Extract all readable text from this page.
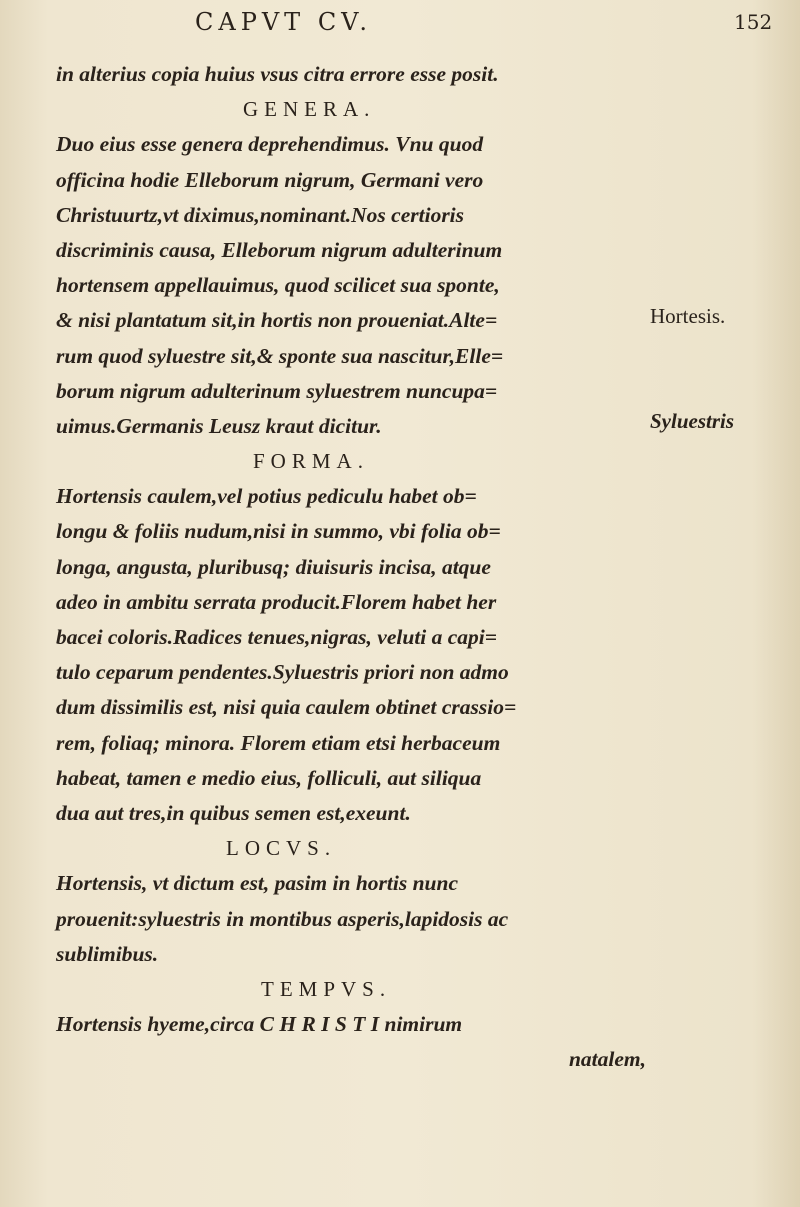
CAPVT CV.	152
in alterius copia huius vsus citra errore esse posit.
GENERA.
Duo eius esse genera deprehendimus. Vnu quod
officina hodie Elleborum nigrum, Germani vero
Christuurtz,vt diximus,nominant.Nos certioris
discriminis causa, Elleborum nigrum adulterinum
hortensem appellauimus, quod scilicet sua sponte,
& nisi plantatum sit,in hortis non proueniat.Alte=
rum quod syluestre sit,& sponte sua nascitur,Elle=
borum nigrum adulterinum syluestrem nuncupa=
uimus.Germanis Leusz kraut dicitur.
FORMA.
Hortensis caulem,vel potius pediculu habet ob=
longu & foliis nudum,nisi in summo, vbi folia ob=
longa, angusta, pluribusq; diuisuris incisa, atque
adeo in ambitu serrata producit.Florem habet her
bacei coloris.Radices tenues,nigras, veluti a capi=
tulo ceparum pendentes.Syluestris priori non admo
dum dissimilis est, nisi quia caulem obtinet crassio=
rem, foliaq; minora. Florem etiam etsi herbaceum
habeat, tamen e medio eius, folliculi, aut siliqua
dua aut tres,in quibus semen est,exeunt.
LOCVS.
Hortensis, vt dictum est, pasim in hortis nunc
prouenit:syluestris in montibus asperis,lapidosis ac
sublimibus.
TEMPVS.
Hortensis hyeme,circa C H R I S T I nimirum
natalem,
Hortesis.
Syluestris
